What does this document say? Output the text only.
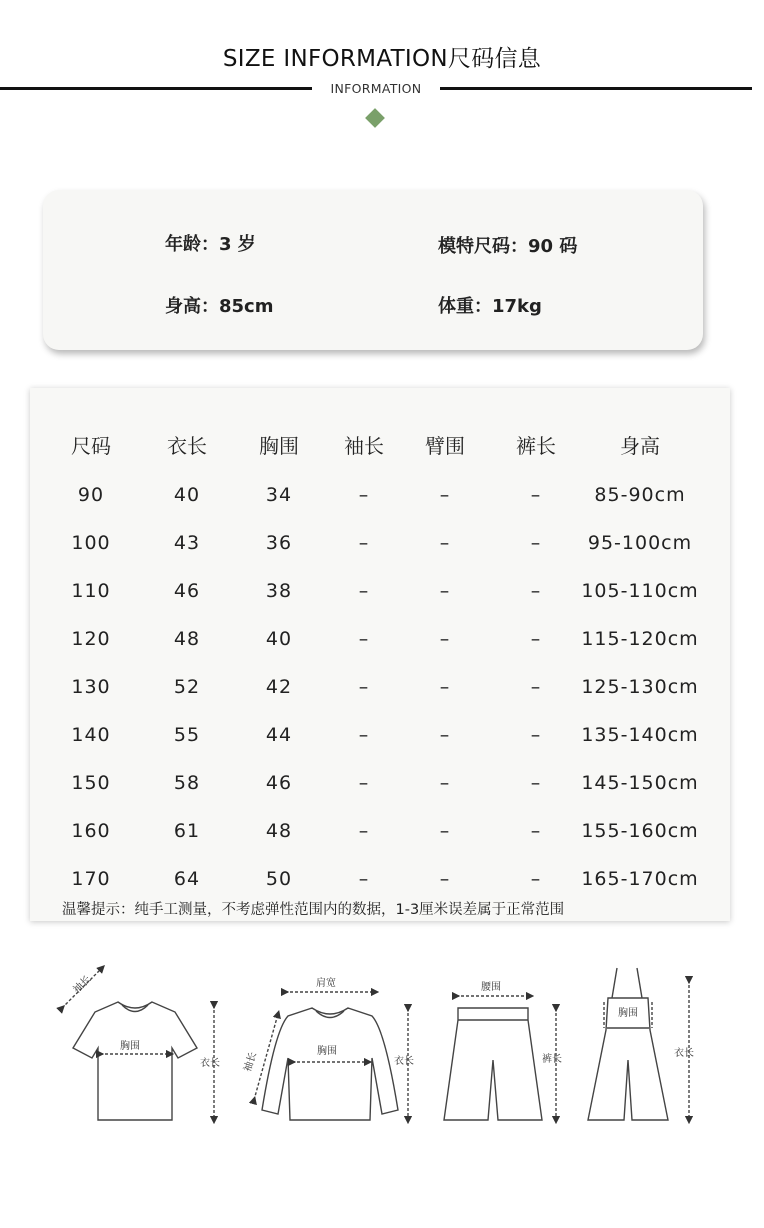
SIZE INFORMATION尺码信息
INFORMATION
年龄：3 岁	模特尺码：90 码
身高：85cm	体重：17kg
尺码	衣长	胸围 袖长 臂围	裤长	身高
90	40	34	–	–	–	85-90cm
100	43	36	–	–	– 95-100cm
110	46	38	–	–	– 105-110cm
120	48	40	–	–	– 115-120cm
130	52	42	–	–	– 125-130cm
140	55	44	–	–	– 135-140cm
150	58	46	–	–	– 145-150cm
160	61	48	–	–	– 155-160cm
170	64	50	–	–	– 165-170cm
温馨提示：纯手工测量，不考虑弹性范围内的数据，1-3厘米误差属于正常范围
袖长
胸围
衣长
肩宽
胸围
袖长	衣长
腰围
裤长
胸围
衣长
